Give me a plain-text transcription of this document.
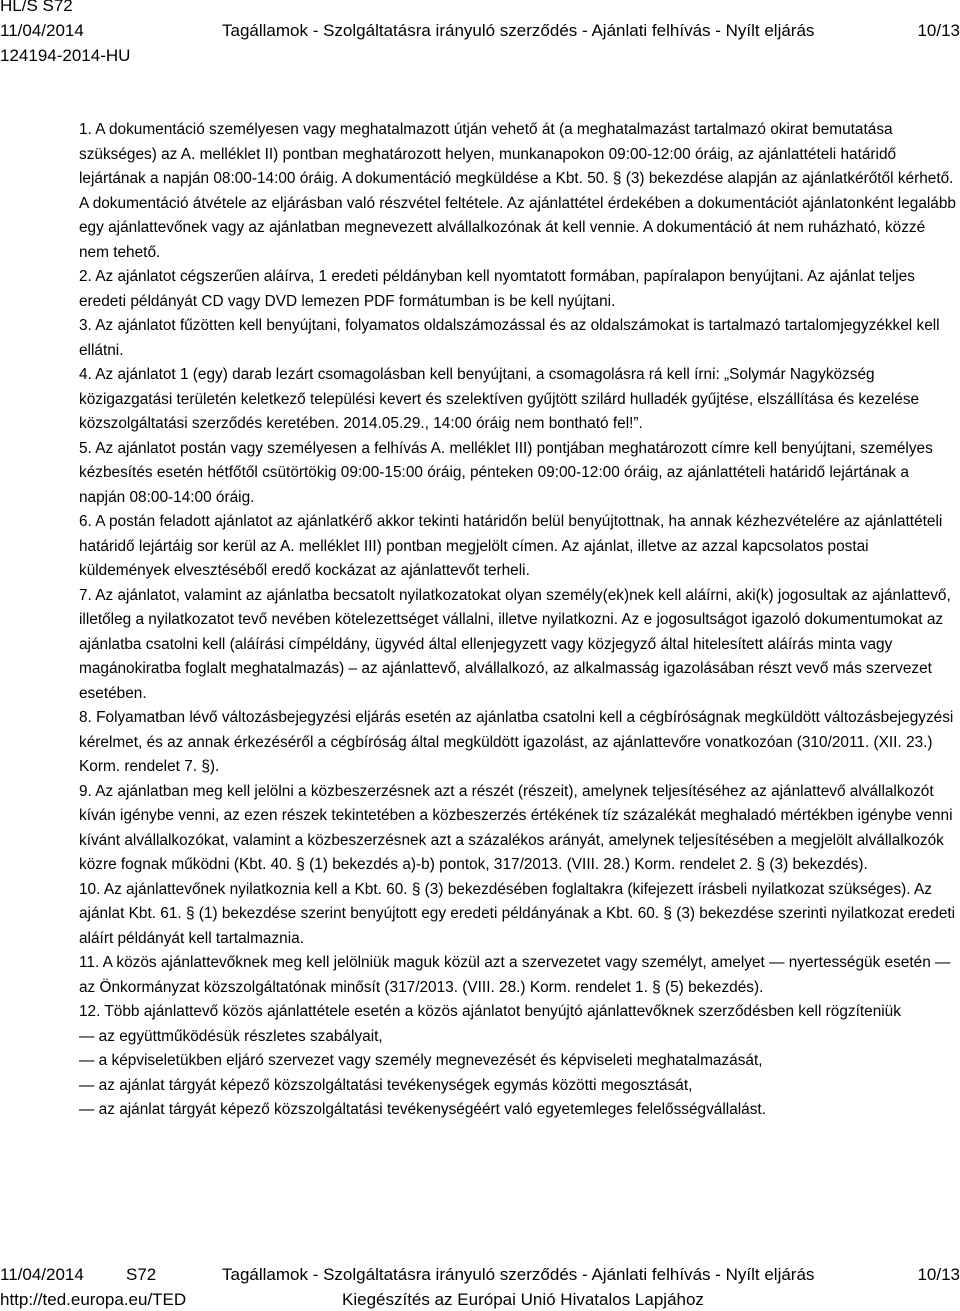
HL/S S72
11/04/2014	Tagállamok - Szolgáltatásra irányuló szerződés - Ajánlati felhívás - Nyílt eljárás	10/13
124194-2014-HU

1. A dokumentáció személyesen vagy meghatalmazott útján vehető át (a meghatalmazást tartalmazó okirat bemutatása szükséges) az A. melléklet II) pontban meghatározott helyen, munkanapokon 09:00-12:00 óráig, az ajánlattételi határidő lejártának a napján 08:00-14:00 óráig. A dokumentáció megküldése a Kbt. 50. § (3) bekezdése alapján az ajánlatkérőtől kérhető.

A dokumentáció átvétele az eljárásban való részvétel feltétele. Az ajánlattétel érdekében a dokumentációt ajánlatonként legalább egy ajánlattevőnek vagy az ajánlatban megnevezett alvállalkozónak át kell vennie. A dokumentáció át nem ruházható, közzé nem tehető.

2. Az ajánlatot cégszerűen aláírva, 1 eredeti példányban kell nyomtatott formában, papíralapon benyújtani. Az ajánlat teljes eredeti példányát CD vagy DVD lemezen PDF formátumban is be kell nyújtani.

3. Az ajánlatot fűzötten kell benyújtani, folyamatos oldalszámozással és az oldalszámokat is tartalmazó tartalomjegyzékkel kell ellátni.

4. Az ajánlatot 1 (egy) darab lezárt csomagolásban kell benyújtani, a csomagolásra rá kell írni: „Solymár Nagyközség közigazgatási területén keletkező települési kevert és szelektíven gyűjtött szilárd hulladék gyűjtése, elszállítása és kezelése közszolgáltatási szerződés keretében. 2014.05.29., 14:00 óráig nem bontható fel!”.

5. Az ajánlatot postán vagy személyesen a felhívás A. melléklet III) pontjában meghatározott címre kell benyújtani, személyes kézbesítés esetén hétfőtől csütörtökig 09:00-15:00 óráig, pénteken 09:00-12:00 óráig, az ajánlattételi határidő lejártának a napján 08:00-14:00 óráig.

6. A postán feladott ajánlatot az ajánlatkérő akkor tekinti határidőn belül benyújtottnak, ha annak kézhezvételére az ajánlattételi határidő lejártáig sor kerül az A. melléklet III) pontban megjelölt címen. Az ajánlat, illetve az azzal kapcsolatos postai küldemények elvesztéséből eredő kockázat az ajánlattevőt terheli.

7. Az ajánlatot, valamint az ajánlatba becsatolt nyilatkozatokat olyan személy(ek)nek kell aláírni, aki(k) jogosultak az ajánlattevő, illetőleg a nyilatkozatot tevő nevében kötelezettséget vállalni, illetve nyilatkozni. Az e jogosultságot igazoló dokumentumokat az ajánlatba csatolni kell (aláírási címpéldány, ügyvéd által ellenjegyzett vagy közjegyző által hitelesített aláírás minta vagy magánokiratba foglalt meghatalmazás) – az ajánlattevő, alvállalkozó, az alkalmasság igazolásában részt vevő más szervezet esetében.

8. Folyamatban lévő változásbejegyzési eljárás esetén az ajánlatba csatolni kell a cégbíróságnak megküldött változásbejegyzési kérelmet, és az annak érkezéséről a cégbíróság által megküldött igazolást, az ajánlattevőre vonatkozóan (310/2011. (XII. 23.) Korm. rendelet 7. §).

9. Az ajánlatban meg kell jelölni a közbeszerzésnek azt a részét (részeit), amelynek teljesítéséhez az ajánlattevő alvállalkozót kíván igénybe venni, az ezen részek tekintetében a közbeszerzés értékének tíz százalékát meghaladó mértékben igénybe venni kívánt alvállalkozókat, valamint a közbeszerzésnek azt a százalékos arányát, amelynek teljesítésében a megjelölt alvállalkozók közre fognak működni (Kbt. 40. § (1) bekezdés a)-b) pontok, 317/2013. (VIII. 28.) Korm. rendelet 2. § (3) bekezdés).

10. Az ajánlattevőnek nyilatkoznia kell a Kbt. 60. § (3) bekezdésében foglaltakra (kifejezett írásbeli nyilatkozat szükséges). Az ajánlat Kbt. 61. § (1) bekezdése szerint benyújtott egy eredeti példányának a Kbt. 60. § (3) bekezdése szerinti nyilatkozat eredeti aláírt példányát kell tartalmaznia.

11. A közös ajánlattevőknek meg kell jelölniük maguk közül azt a szervezetet vagy személyt, amelyet — nyertességük esetén — az Önkormányzat közszolgáltatónak minősít (317/2013. (VIII. 28.) Korm. rendelet 1. § (5) bekezdés).

12. Több ajánlattevő közös ajánlattétele esetén a közös ajánlatot benyújtó ajánlattevőknek szerződésben kell rögzíteniük

— az együttműködésük részletes szabályait,

— a képviseletükben eljáró szervezet vagy személy megnevezését és képviseleti meghatalmazását,

— az ajánlat tárgyát képező közszolgáltatási tevékenységek egymás közötti megosztását,

— az ajánlat tárgyát képező közszolgáltatási tevékenységéért való egyetemleges felelősségvállalást.

11/04/2014 S72	Tagállamok - Szolgáltatásra irányuló szerződés - Ajánlati felhívás - Nyílt eljárás	10/13
http://ted.europa.eu/TED	Kiegészítés az Európai Unió Hivatalos Lapjához
